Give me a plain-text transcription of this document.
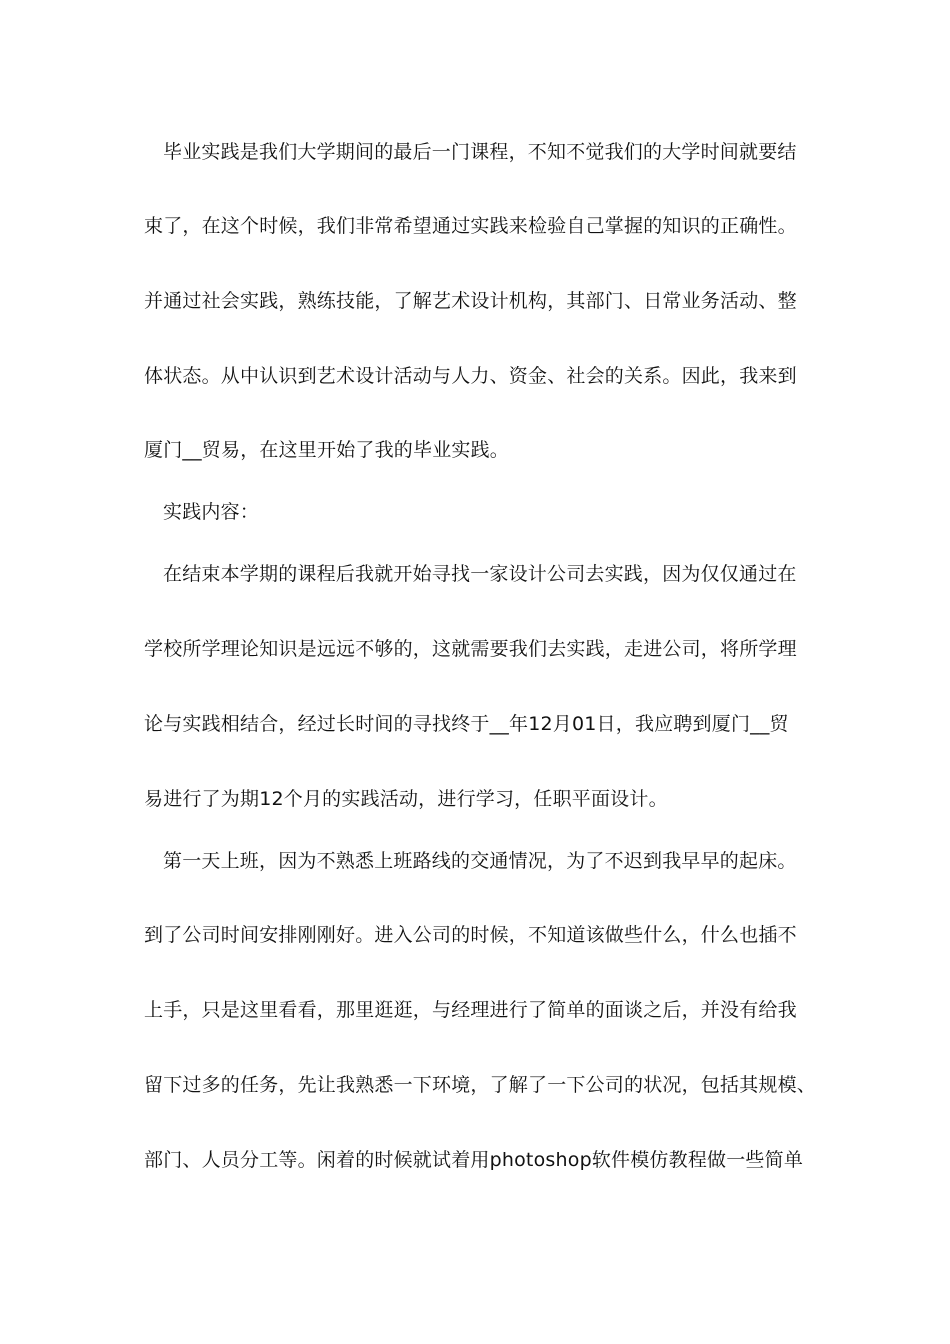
毕业实践是我们大学期间的最后一门课程，不知不觉我们的大学时间就要结
束了，在这个时候，我们非常希望通过实践来检验自己掌握的知识的正确性。
并通过社会实践，熟练技能，了解艺术设计机构，其部门、日常业务活动、整
体状态。从中认识到艺术设计活动与人力、资金、社会的关系。因此，我来到
厦门__贸易，在这里开始了我的毕业实践。
实践内容：
在结束本学期的课程后我就开始寻找一家设计公司去实践，因为仅仅通过在
学校所学理论知识是远远不够的，这就需要我们去实践，走进公司，将所学理
论与实践相结合，经过长时间的寻找终于__年12月01日，我应聘到厦门__贸
易进行了为期12个月的实践活动，进行学习，任职平面设计。
第一天上班，因为不熟悉上班路线的交通情况，为了不迟到我早早的起床。
到了公司时间安排刚刚好。进入公司的时候，不知道该做些什么，什么也插不
上手，只是这里看看，那里逛逛，与经理进行了简单的面谈之后，并没有给我
留下过多的任务，先让我熟悉一下环境，了解了一下公司的状况，包括其规模、
部门、人员分工等。闲着的时候就试着用photoshop软件模仿教程做一些简单
